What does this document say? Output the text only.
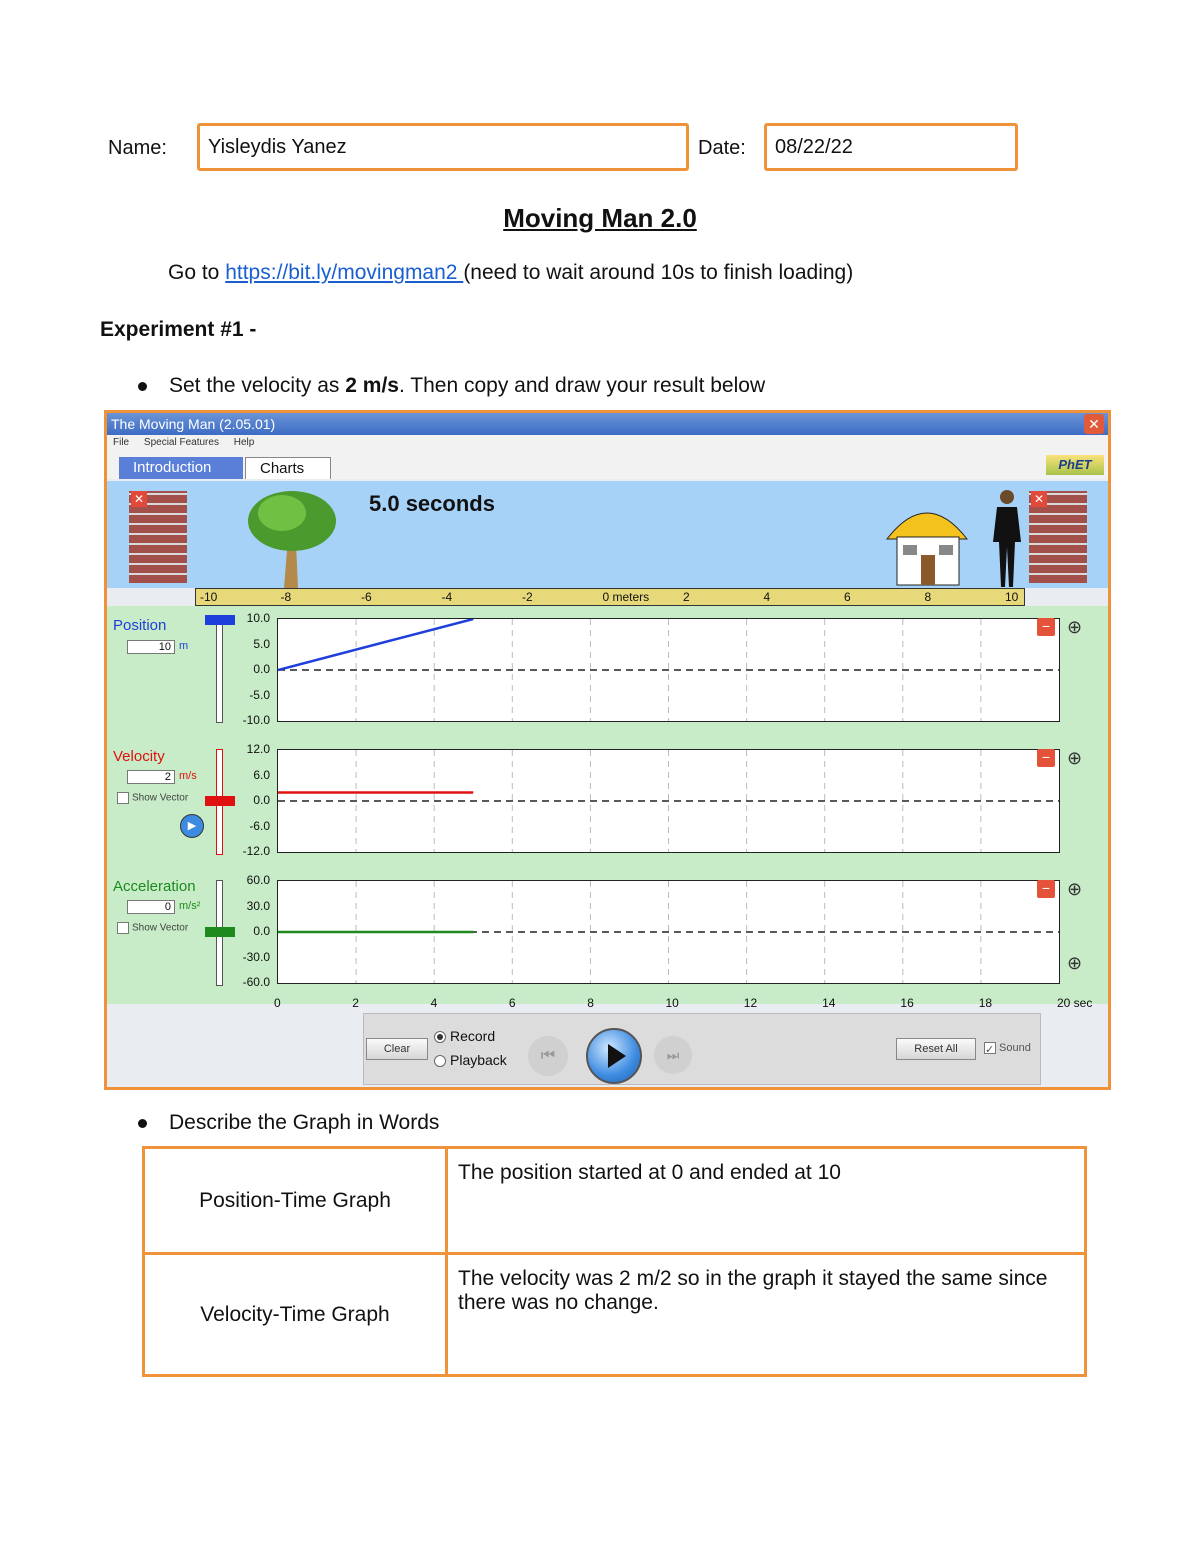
Name:	Yisleydis Yanez	Date:	08/22/22
Moving Man 2.0
Go to https://bit.ly/movingman2 (need to wait around 10s to finish loading)
Experiment #1 -
Set the velocity as 2 m/s. Then copy and draw your result below
The Moving Man (2.05.01)	✕
File Special Features Help
Introduction	Charts	PhET
✕	✕
5.0 seconds
-10	-8	-6	-4	-2	0 meters	2	4	6	8	10
Position
10 m
10.0
5.0
0.0
-5.0
-10.0
− ⊕
Velocity
2 m/s
Show Vector
▶
12.0
6.0
0.0
-6.0
-12.0
− ⊕
Acceleration
0 m/s²
Show Vector
60.0
30.0
0.0
-30.0
-60.0
− ⊕
⊕
0	2	4	6	8	10	12	14	16	18	20 sec
Clear
Record
Playback	⏮	⏭	Reset All	✓ Sound
Describe the Graph in Words
Position-Time Graph	The position started at 0 and ended at 10
Velocity-Time Graph	The velocity was 2 m/2 so in the graph it stayed the same since there was no change.
